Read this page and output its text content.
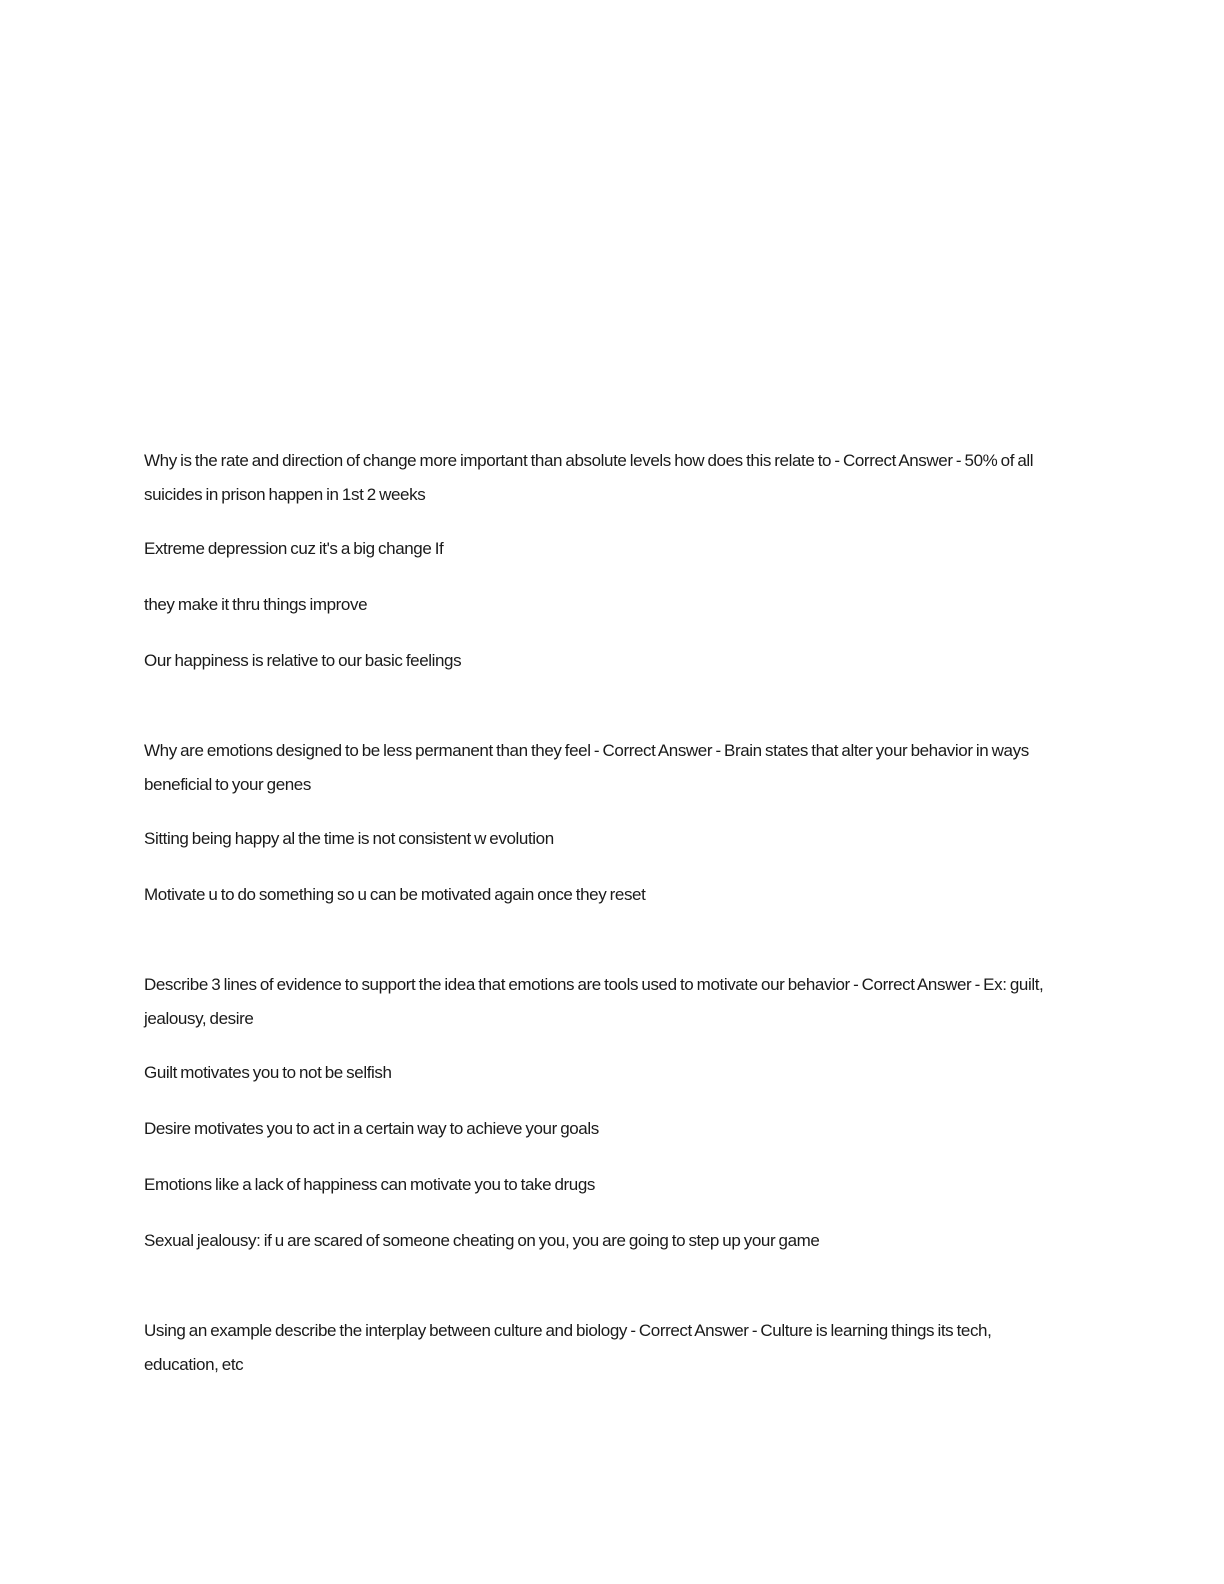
Why is the rate and direction of change more important than absolute levels how does this relate to - Correct Answer - 50% of all suicides in prison happen in 1st 2 weeks

Extreme depression cuz it's a big change If

they make it thru things improve

Our happiness is relative to our basic feelings

Why are emotions designed to be less permanent than they feel - Correct Answer - Brain states that alter your behavior in ways beneficial to your genes

Sitting being happy al the time is not consistent w evolution

Motivate u to do something so u can be motivated again once they reset

Describe 3 lines of evidence to support the idea that emotions are tools used to motivate our behavior - Correct Answer - Ex: guilt, jealousy, desire

Guilt motivates you to not be selfish

Desire motivates you to act in a certain way to achieve your goals

Emotions like a lack of happiness can motivate you to take drugs

Sexual jealousy: if u are scared of someone cheating on you, you are going to step up your game

Using an example describe the interplay between culture and biology - Correct Answer - Culture is learning things its tech, education, etc
